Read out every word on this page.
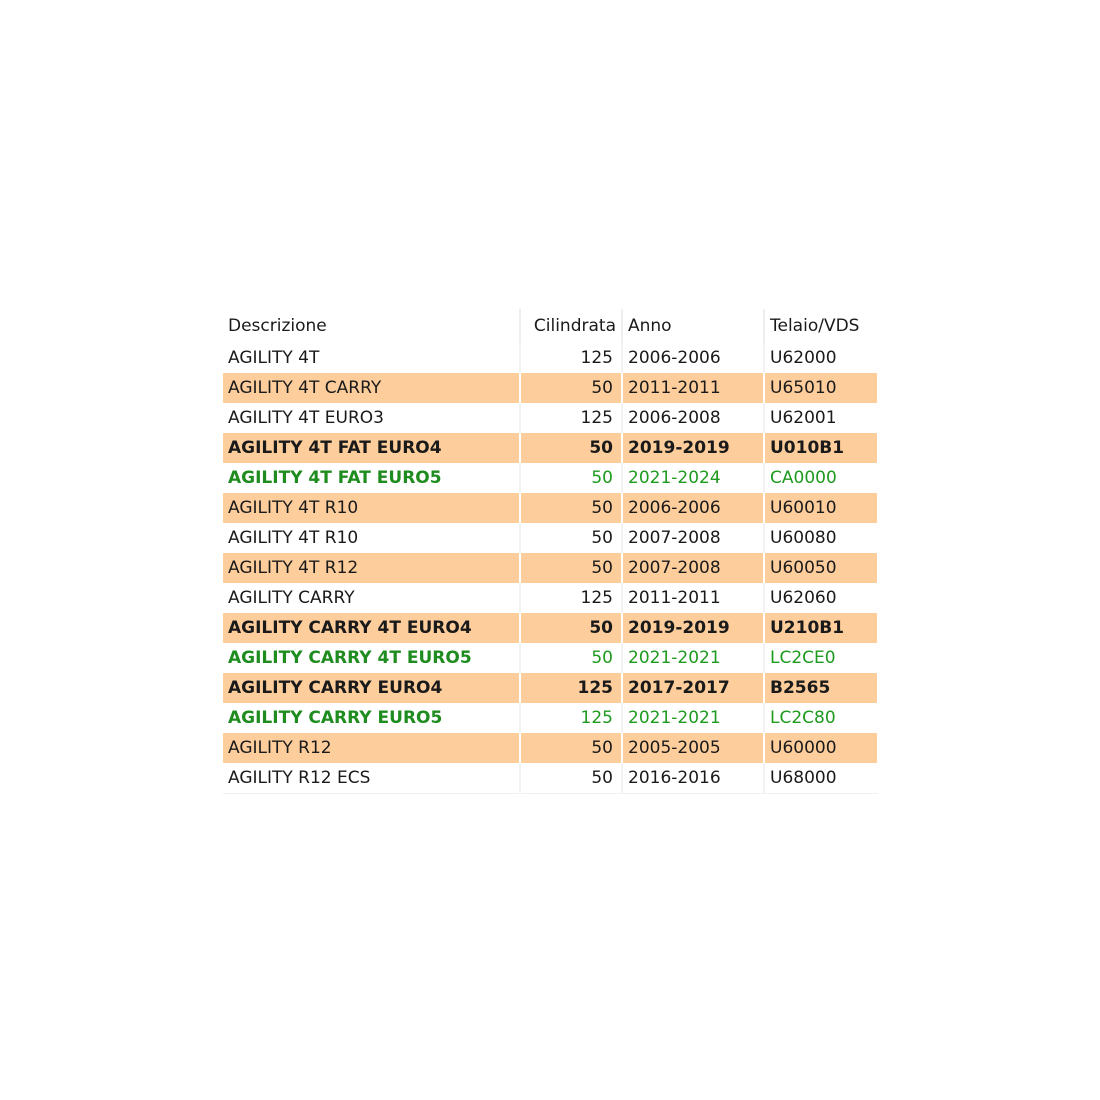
Descrizione	Cilindrata	Anno	Telaio/VDS
AGILITY 4T	125	2006-2006	U62000
AGILITY 4T CARRY	50	2011-2011	U65010
AGILITY 4T EURO3	125	2006-2008	U62001
AGILITY 4T FAT EURO4	50	2019-2019	U010B1
AGILITY 4T FAT EURO5	50	2021-2024	CA0000
AGILITY 4T R10	50	2006-2006	U60010
AGILITY 4T R10	50	2007-2008	U60080
AGILITY 4T R12	50	2007-2008	U60050
AGILITY CARRY	125	2011-2011	U62060
AGILITY CARRY 4T EURO4	50	2019-2019	U210B1
AGILITY CARRY 4T EURO5	50	2021-2021	LC2CE0
AGILITY CARRY EURO4	125	2017-2017	B2565
AGILITY CARRY EURO5	125	2021-2021	LC2C80
AGILITY R12	50	2005-2005	U60000
AGILITY R12 ECS	50	2016-2016	U68000
